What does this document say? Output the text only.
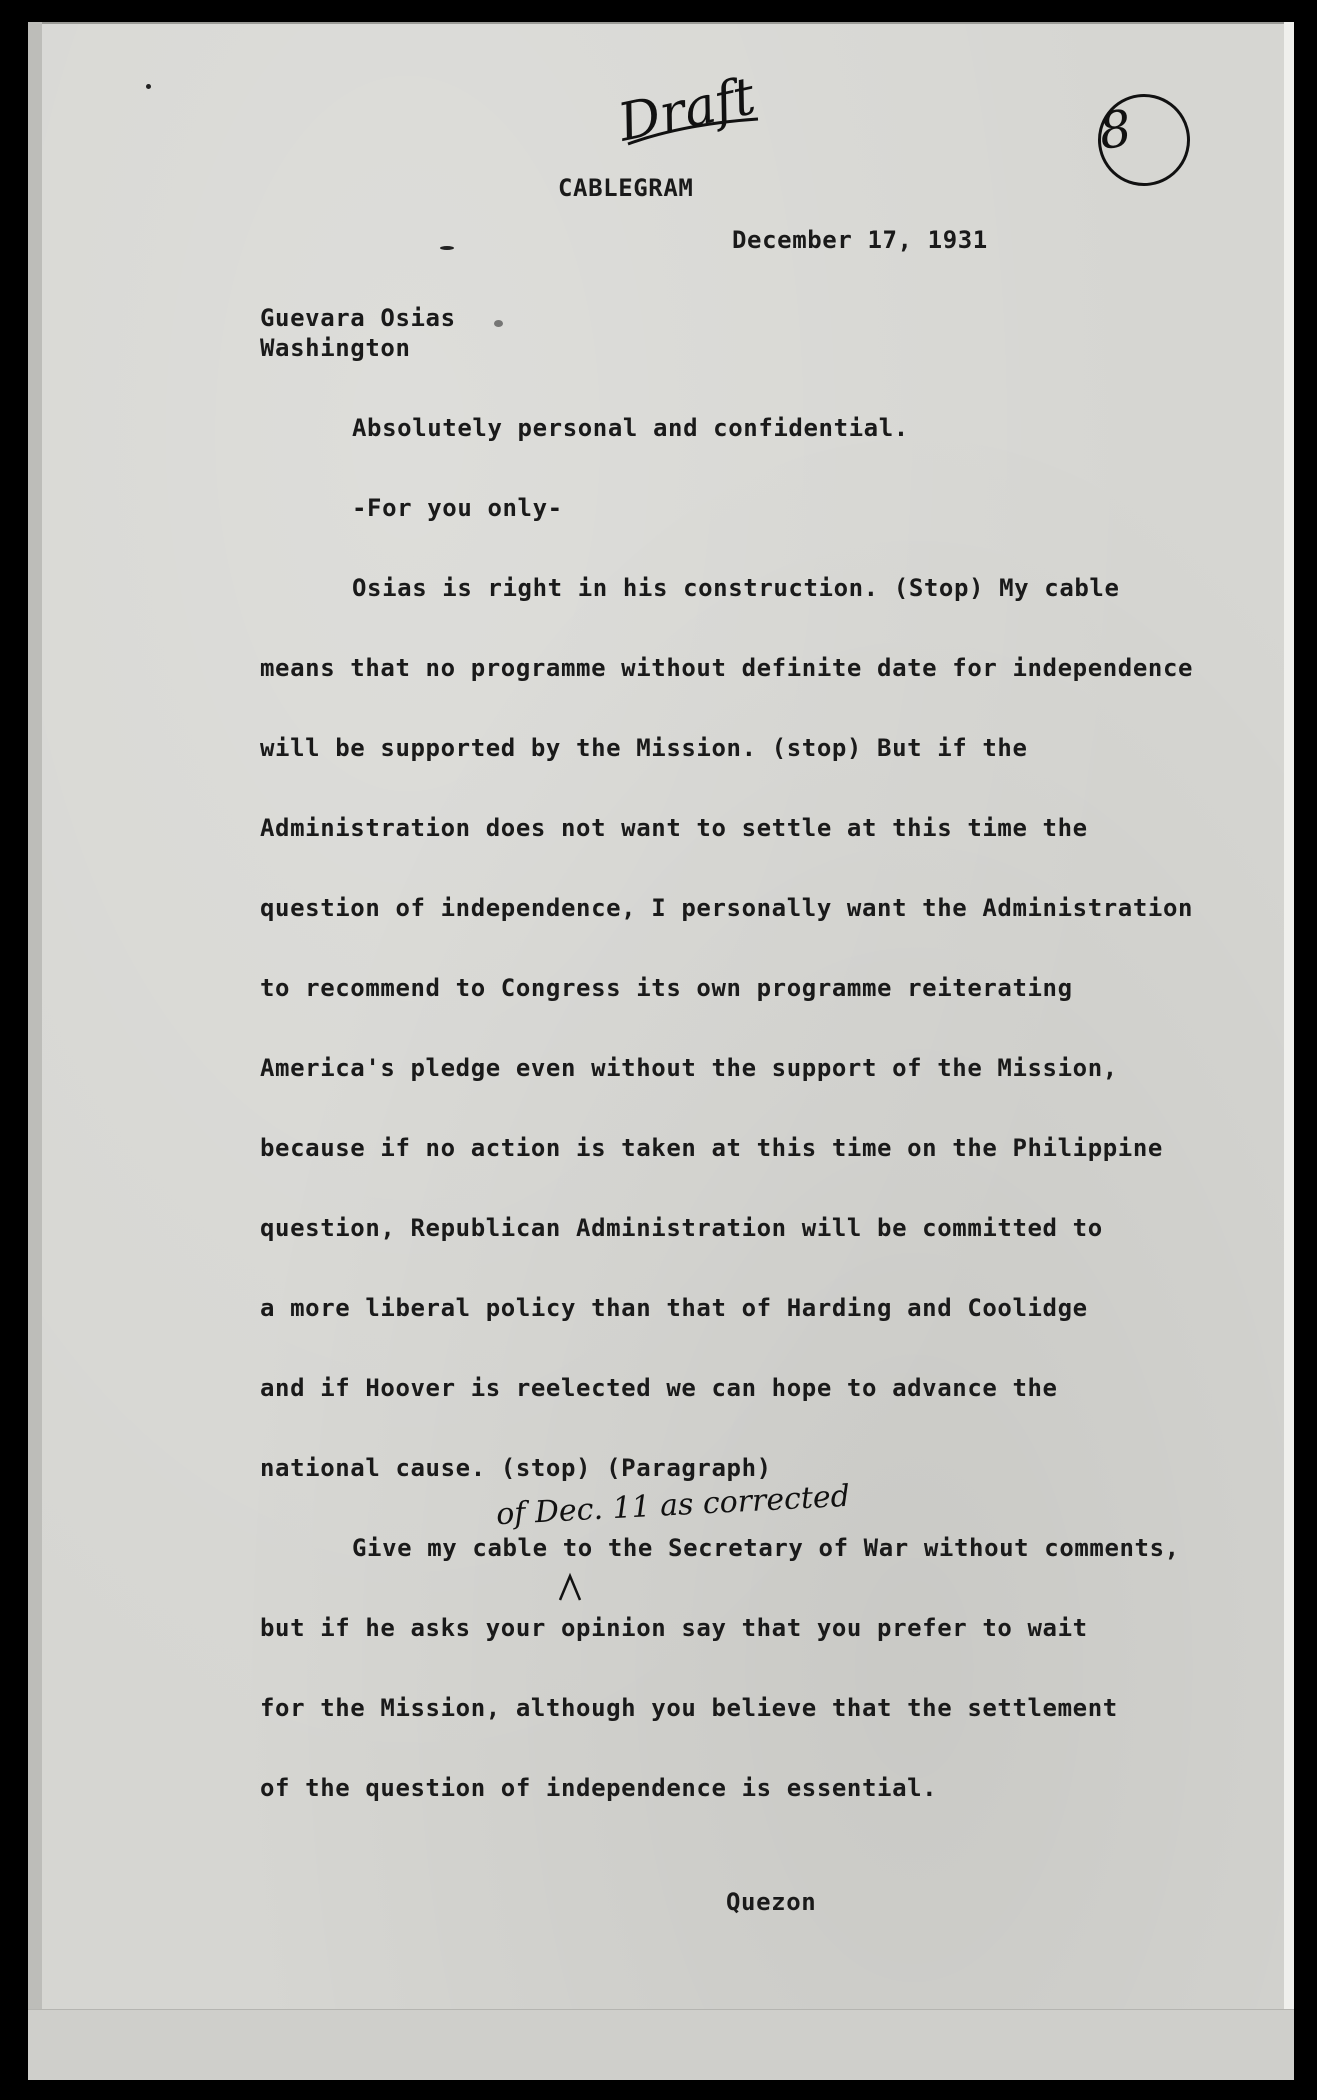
Draft	8
CABLEGRAM
December 17, 1931
Guevara Osias
Washington
Absolutely personal and confidential.
-For you only-
Osias is right in his construction. (Stop) My cable
means that no programme without definite date for independence
will be supported by the Mission. (stop) But if the
Administration does not want to settle at this time the
question of independence, I personally want the Administration
to recommend to Congress its own programme reiterating
America's pledge even without the support of the Mission,
because if no action is taken at this time on the Philippine
question, Republican Administration will be committed to
a more liberal policy than that of Harding and Coolidge
and if Hoover is reelected we can hope to advance the
national cause. (stop) (Paragraph)
of Dec. 11 as corrected
Give my cable to the Secretary of War without comments,
but if he asks your opinion say that you prefer to wait
for the Mission, although you believe that the settlement
of the question of independence is essential.
Quezon
